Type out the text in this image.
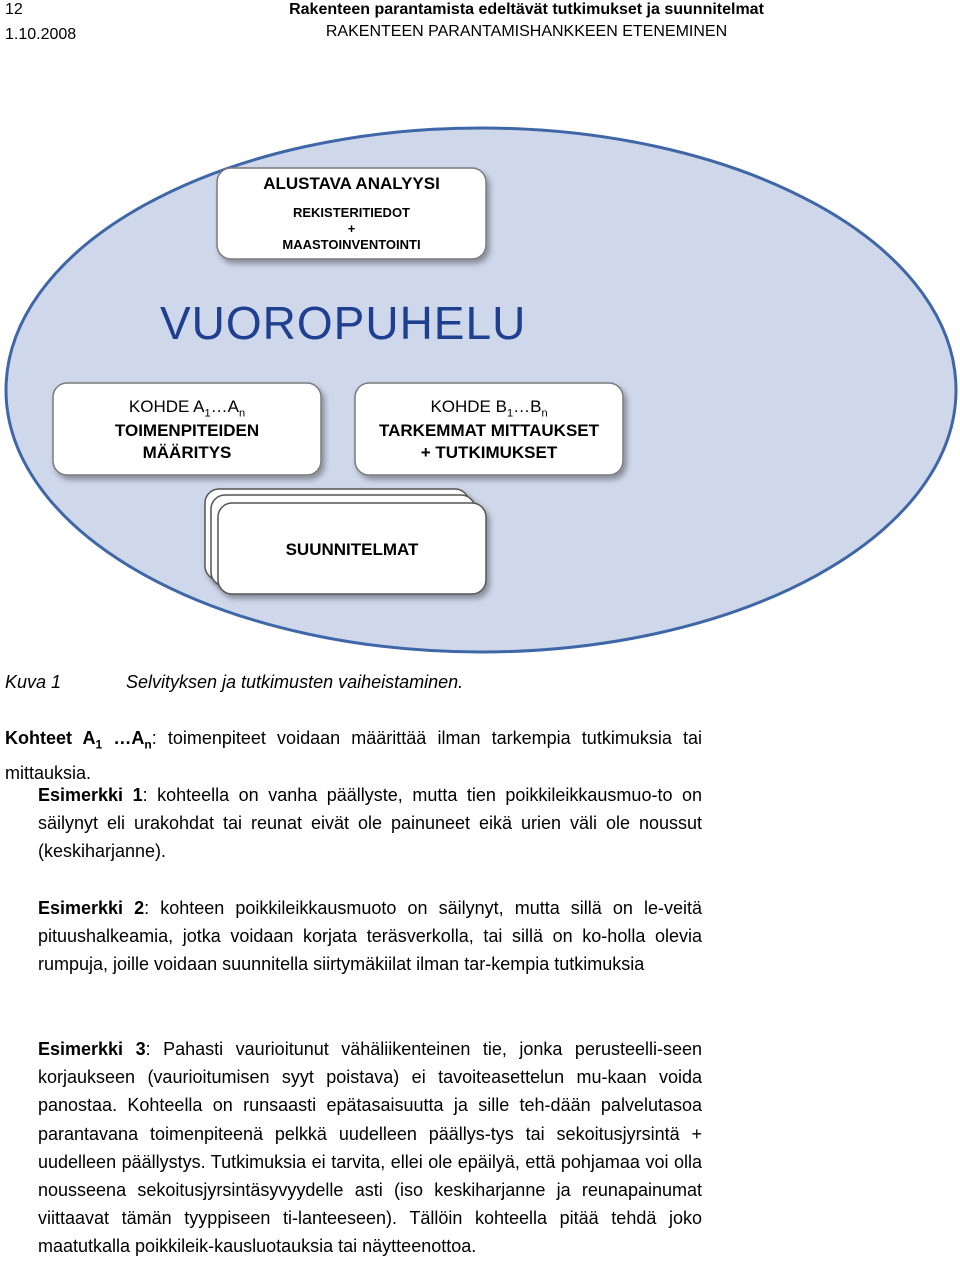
12
1.10.2008
Rakenteen parantamista edeltävät tutkimukset ja suunnitelmat
RAKENTEEN PARANTAMISHANKKEEN ETENEMINEN
ALUSTAVA ANALYYSI
REKISTERITIEDOT
+
MAASTOINVENTOINTI
VUOROPUHELU
KOHDE $A_1\dots A_n$
TOIMENPITEIDEN
MÄÄRITYS
KOHDE $B_1\dots B_n$
TARKEMMAT MITTAUKSET
+ TUTKIMUKSET
SUUNNITELMAT
Kuva 1	Selvityksen ja tutkimusten vaiheistaminen.
Kohteet $A_1$ $\dots A_n$: toimenpiteet voidaan määrittää ilman tarkempia tutkimuksia tai mittauksia.
Esimerkki 1: kohteella on vanha päällyste, mutta tien poikkileikkausmuo-to on säilynyt eli urakohdat tai reunat eivät ole painuneet eikä urien väli ole noussut (keskiharjanne).
Esimerkki 2: kohteen poikkileikkausmuoto on säilynyt, mutta sillä on le-veitä pituushalkeamia, jotka voidaan korjata teräsverkolla, tai sillä on ko-holla olevia rumpuja, joille voidaan suunnitella siirtymäkiilat ilman tar-kempia tutkimuksia
Esimerkki 3: Pahasti vaurioitunut vähäliikenteinen tie, jonka perusteelli-seen korjaukseen (vaurioitumisen syyt poistava) ei tavoiteasettelun mu-kaan voida panostaa. Kohteella on runsaasti epätasaisuutta ja sille teh-dään palvelutasoa parantavana toimenpiteenä pelkkä uudelleen päällys-tys tai sekoitusjyrsintä + uudelleen päällystys. Tutkimuksia ei tarvita, ellei ole epäilyä, että pohjamaa voi olla nousseena sekoitusjyrsintäsyvyydelle asti (iso keskiharjanne ja reunapainumat viittaavat tämän tyyppiseen ti-lanteeseen). Tällöin kohteella pitää tehdä joko maatutkalla poikkileik-kausluotauksia tai näytteenottoa.
